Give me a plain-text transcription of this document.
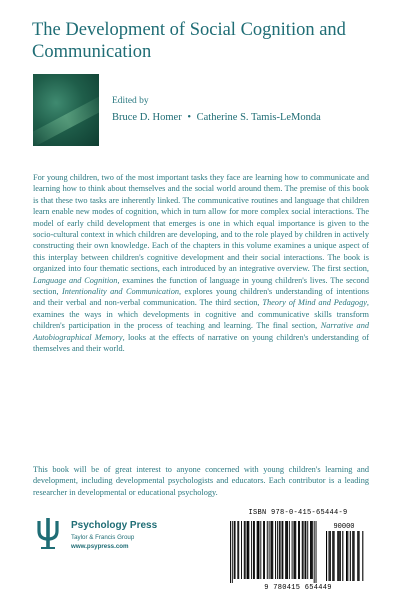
The Development of Social Cognition and Communication
Edited by
Bruce D. Homer • Catherine S. Tamis-LeMonda
For young children, two of the most important tasks they face are learning how to communicate and learning how to think about themselves and the social world around them. The premise of this book is that these two tasks are inherently linked. The communicative routines and language that children learn enable new modes of cognition, which in turn allow for more complex social interactions. The model of early child development that emerges is one in which equal importance is given to the socio-cultural context in which children are developing, and to the role played by children in actively constructing their own knowledge. Each of the chapters in this volume examines a unique aspect of this interplay between children's cognitive development and their social interactions. The book is organized into four thematic sections, each introduced by an integrative overview. The first section, Language and Cognition, examines the function of language in young children's lives. The second section, Intentionality and Communication, explores young children's understanding of intentions and their verbal and non-verbal communication. The third section, Theory of Mind and Pedagogy, examines the ways in which developments in cognitive and communicative skills transform children's participation in the process of teaching and learning. The final section, Narrative and Autobiographical Memory, looks at the effects of narrative on young children's understanding of themselves and their world.
This book will be of great interest to anyone concerned with young children's learning and development, including developmental psychologists and educators. Each contributor is a leading researcher in developmental or educational psychology.
Psychology Press
Taylor & Francis Group
www.psypress.com
ISBN 978-0-415-65444-9
90000
9 780415 654449
